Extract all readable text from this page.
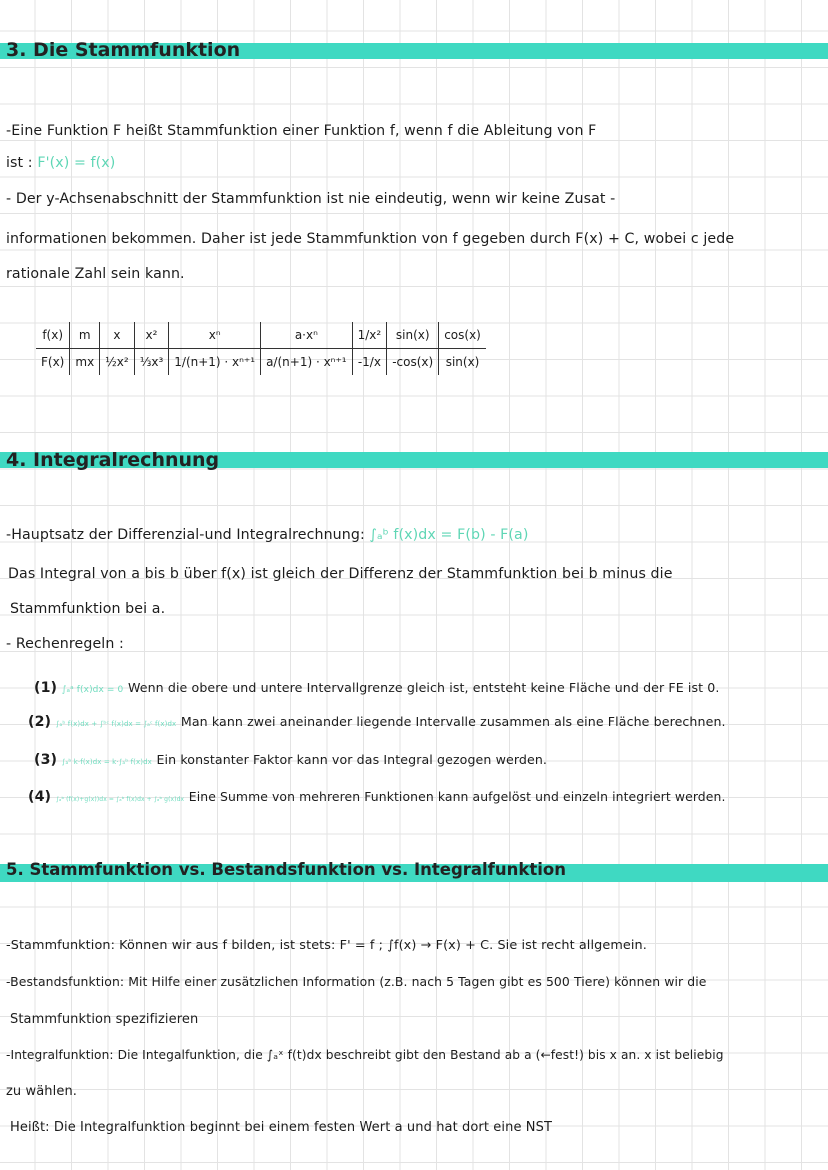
3. Die Stammfunktion
-Eine Funktion F heißt Stammfunktion einer Funktion f, wenn f die Ableitung von F
ist : F'(x) = f(x)
- Der y-Achsenabschnitt der Stammfunktion ist nie eindeutig, wenn wir keine Zusat -
informationen bekommen. Daher ist jede Stammfunktion von f gegeben durch F(x) + C, wobei c jede
rationale Zahl sein kann.
f(x)	m	x	x²	xⁿ	a·xⁿ	1/x²	sin(x)	cos(x)
F(x)	mx	½x²	⅓x³	1/(n+1) · xⁿ⁺¹	a/(n+1) · xⁿ⁺¹	-1/x	-cos(x)	sin(x)
4. Integralrechnung
-Hauptsatz der Differenzial-und Integralrechnung: ∫ₐᵇ f(x)dx = F(b) - F(a)
Das Integral von a bis b über f(x) ist gleich der Differenz der Stammfunktion bei b minus die
Stammfunktion bei a.
- Rechenregeln :
(1) ∫ₐᵃ f(x)dx = 0 Wenn die obere und untere Intervallgrenze gleich ist, entsteht keine Fläche und der FE ist 0.
(2) ∫ₐᵇ f(x)dx + ∫ᵇᶜ f(x)dx = ∫ₐᶜ f(x)dx Man kann zwei aneinander liegende Intervalle zusammen als eine Fläche berechnen.
(3) ∫ₐᵇ k·f(x)dx = k·∫ₐᵇ f(x)dx Ein konstanter Faktor kann vor das Integral gezogen werden.
(4) ∫ₐᵇ (f(x)+g(x))dx = ∫ₐᵇ f(x)dx + ∫ₐᵇ g(x)dx Eine Summe von mehreren Funktionen kann aufgelöst und einzeln integriert werden.
5. Stammfunktion vs. Bestandsfunktion vs. Integralfunktion
-Stammfunktion: Können wir aus f bilden, ist stets: F' = f ; ∫f(x) → F(x) + C. Sie ist recht allgemein.
-Bestandsfunktion: Mit Hilfe einer zusätzlichen Information (z.B. nach 5 Tagen gibt es 500 Tiere) können wir die
Stammfunktion spezifizieren
-Integralfunktion: Die Integalfunktion, die ∫ₐˣ f(t)dx beschreibt gibt den Bestand ab a (←fest!) bis x an. x ist beliebig
zu wählen.
Heißt: Die Integralfunktion beginnt bei einem festen Wert a und hat dort eine NST
